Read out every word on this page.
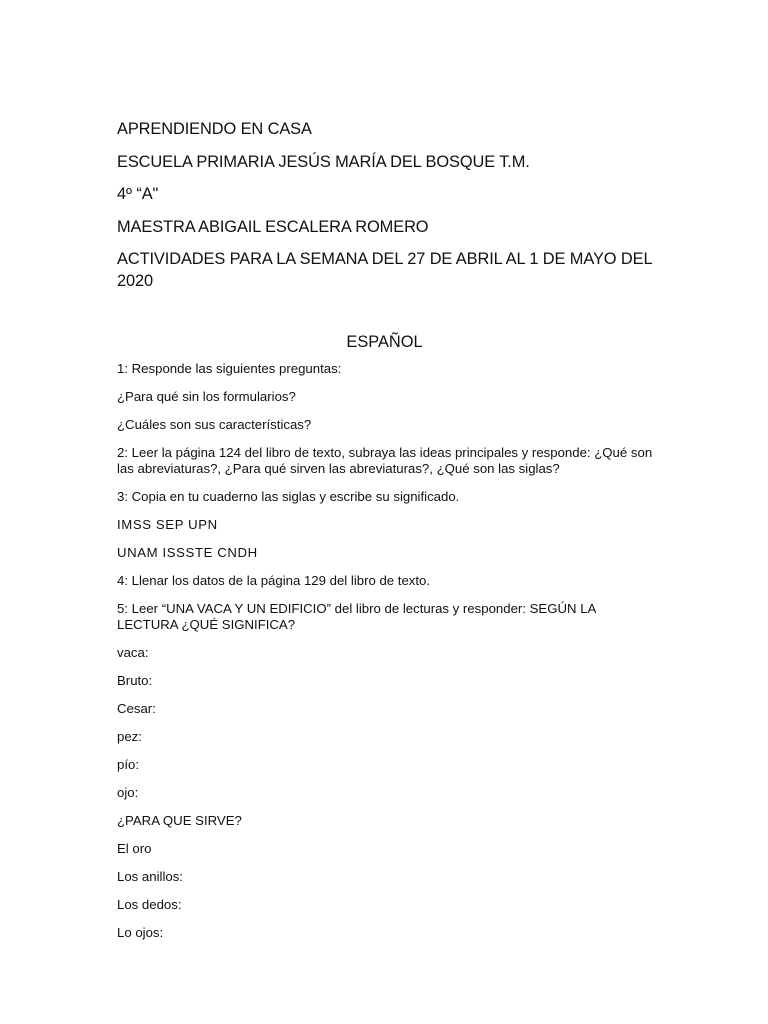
APRENDIENDO EN CASA

ESCUELA PRIMARIA JESÚS MARÍA DEL BOSQUE T.M.

4º “A"

MAESTRA ABIGAIL ESCALERA ROMERO

ACTIVIDADES PARA LA SEMANA DEL 27 DE ABRIL AL 1 DE MAYO DEL 2020

ESPAÑOL

1: Responde las siguientes preguntas:

¿Para qué sin los formularios?

¿Cuáles son sus características?

2: Leer la página 124 del libro de texto, subraya las ideas principales y responde: ¿Qué son las abreviaturas?, ¿Para qué sirven las abreviaturas?, ¿Qué son las siglas?

3: Copia en tu cuaderno las siglas y escribe su significado.

IMSS SEP UPN

UNAM ISSSTE CNDH

4: Llenar los datos de la página 129 del libro de texto.

5: Leer “UNA VACA Y UN EDIFICIO” del libro de lecturas y responder: SEGÚN LA LECTURA ¿QUÉ SIGNIFICA?

vaca:

Bruto:

Cesar:

pez:

pío:

ojo:

¿PARA QUE SIRVE?

El oro

Los anillos:

Los dedos:

Lo ojos:
